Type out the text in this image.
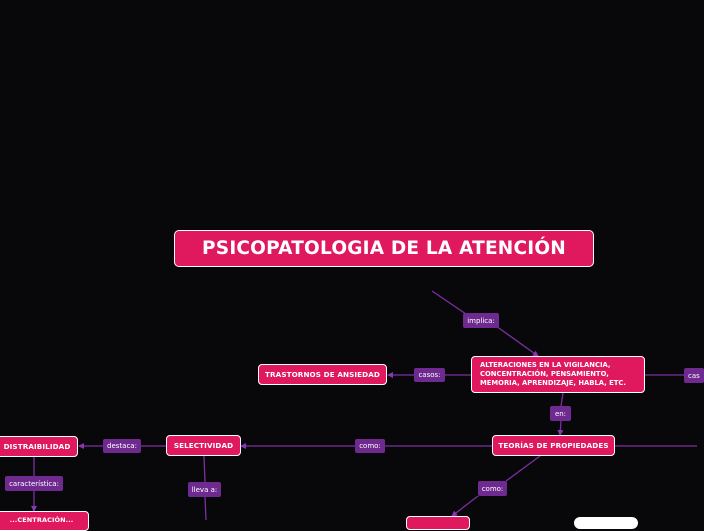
PSICOPATOLOGIA DE LA ATENCIÓN
implica:
casos:	cas
en:
como:
destaca:
característica:
lleva a:	como:
ALTERACIONES EN LA VIGILANCIA,
CONCENTRACIÓN, PENSAMIENTO,
MEMORIA, APRENDIZAJE, HABLA, ETC.
TRASTORNOS DE ANSIEDAD
TEORÍAS DE PROPIEDADES
SELECTIVIDAD
DISTRAIBILIDAD
...CENTRACIÓN...
